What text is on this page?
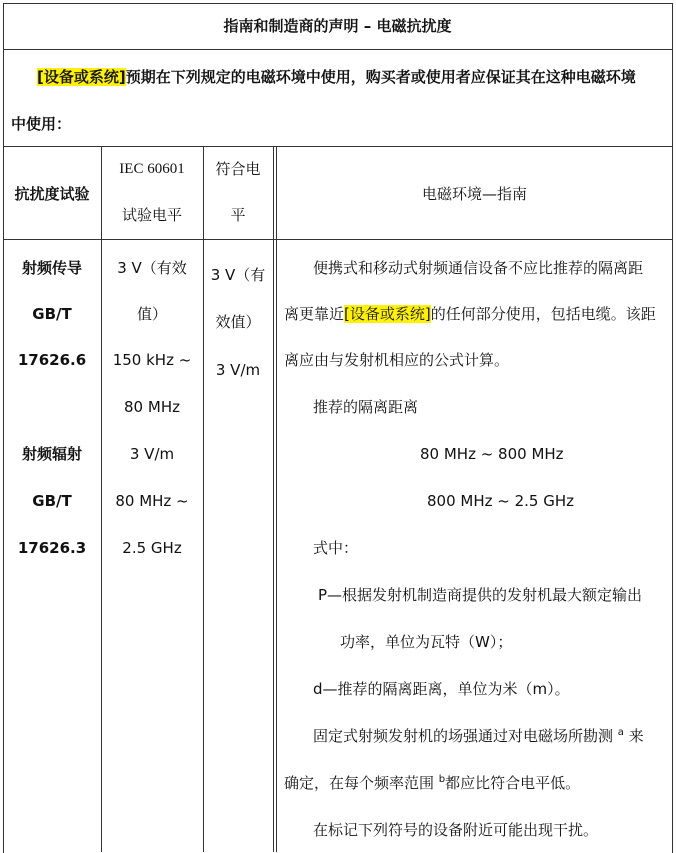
指南和制造商的声明 – 电磁抗扰度
[设备或系统]预期在下列规定的电磁环境中使用，购买者或使用者应保证其在这种电磁环境
中使用：
抗扰度试验
IEC 60601
试验电平
符合电
平
电磁环境—指南
射频传导
GB/T
17626.6
射频辐射
GB/T
17626.3
3 V（有效
值）
150 kHz ~
80 MHz
3 V/m
80 MHz ~
2.5 GHz
3 V（有
效值）
3 V/m
便携式和移动式射频通信设备不应比推荐的隔离距
离更靠近[设备或系统]的任何部分使用，包括电缆。该距
离应由与发射机相应的公式计算。
推荐的隔离距离
80 MHz ~ 800 MHz
800 MHz ~ 2.5 GHz
式中：
P—根据发射机制造商提供的发射机最大额定输出
功率，单位为瓦特（W）；
d—推荐的隔离距离，单位为米（m）。
固定式射频发射机的场强通过对电磁场所勘测 $^a$ 来
确定，在每个频率范围 $^b$都应比符合电平低。
在标记下列符号的设备附近可能出现干扰。
